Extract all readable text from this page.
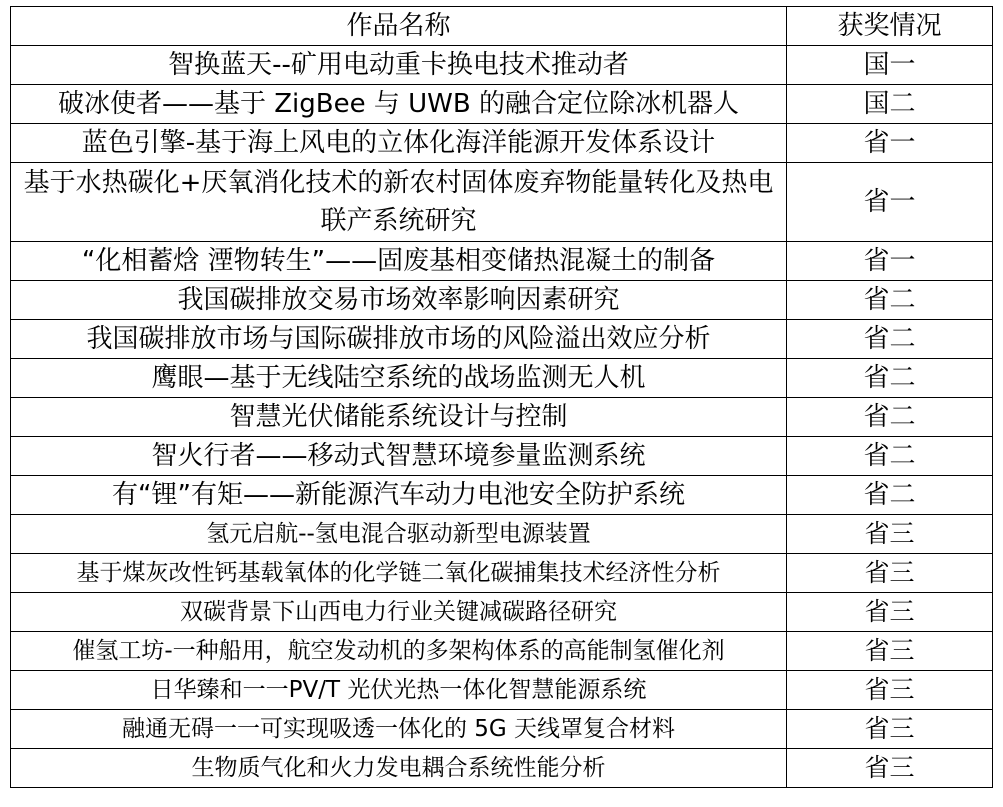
作品名称	获奖情况
智换蓝天--矿用电动重卡换电技术推动者	国一
破冰使者——基于 ZigBee 与 UWB 的融合定位除冰机器人	国二
蓝色引擎-基于海上风电的立体化海洋能源开发体系设计	省一
基于水热碳化+厌氧消化技术的新农村固体废弃物能量转化及热电联产系统研究	省一
“化相蓄焓 湮物转生”——固废基相变储热混凝土的制备	省一
我国碳排放交易市场效率影响因素研究	省二
我国碳排放市场与国际碳排放市场的风险溢出效应分析	省二
鹰眼—基于无线陆空系统的战场监测无人机	省二
智慧光伏储能系统设计与控制	省二
智火行者——移动式智慧环境参量监测系统	省二
有“锂”有矩——新能源汽车动力电池安全防护系统	省二
氢元启航--氢电混合驱动新型电源装置	省三
基于煤灰改性钙基载氧体的化学链二氧化碳捕集技术经济性分析	省三
双碳背景下山西电力行业关键减碳路径研究	省三
催氢工坊-一种船用，航空发动机的多架构体系的高能制氢催化剂	省三
日华臻和一一PV/T 光伏光热一体化智慧能源系统	省三
融通无碍一一可实现吸透一体化的 5G 天线罩复合材料	省三
生物质气化和火力发电耦合系统性能分析	省三
